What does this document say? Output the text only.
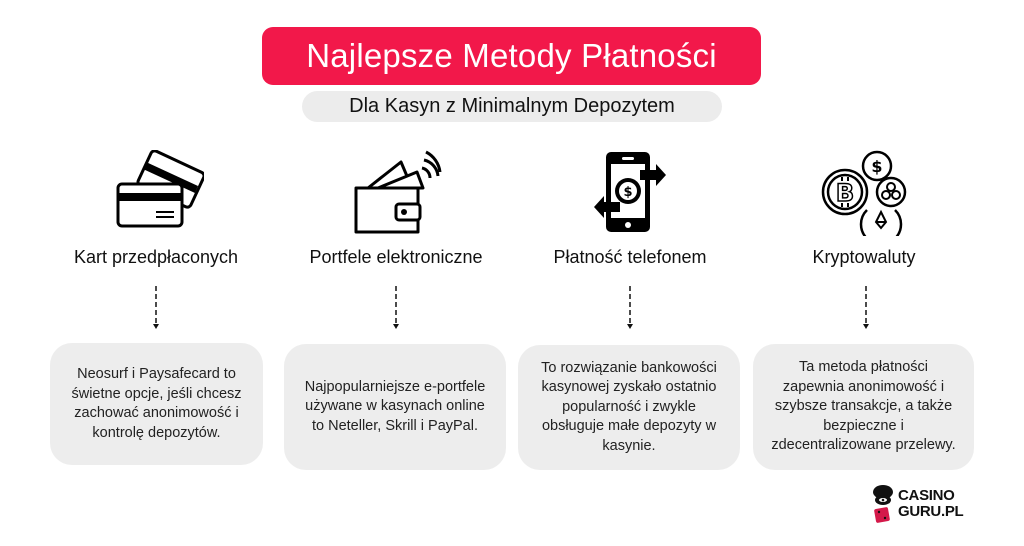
Najlepsze Metody Płatności
Dla Kasyn z Minimalnym Depozytem
Kart przedpłaconych
Neosurf i Paysafecard to świetne opcje, jeśli chcesz zachować anonimowość i kontrolę depozytów.
Portfele elektroniczne
Najpopularniejsze e-portfele używane w kasynach online to Neteller, Skrill i PayPal.
$
Płatność telefonem
To rozwiązanie bankowości kasynowej zyskało ostatnio popularność i zwykle obsługuje małe depozyty w kasynie.
B
$
Kryptowaluty
Ta metoda płatności zapewnia anonimowość i szybsze transakcje, a także bezpieczne i zdecentralizowane przelewy.
CASINO
GURU.PL
